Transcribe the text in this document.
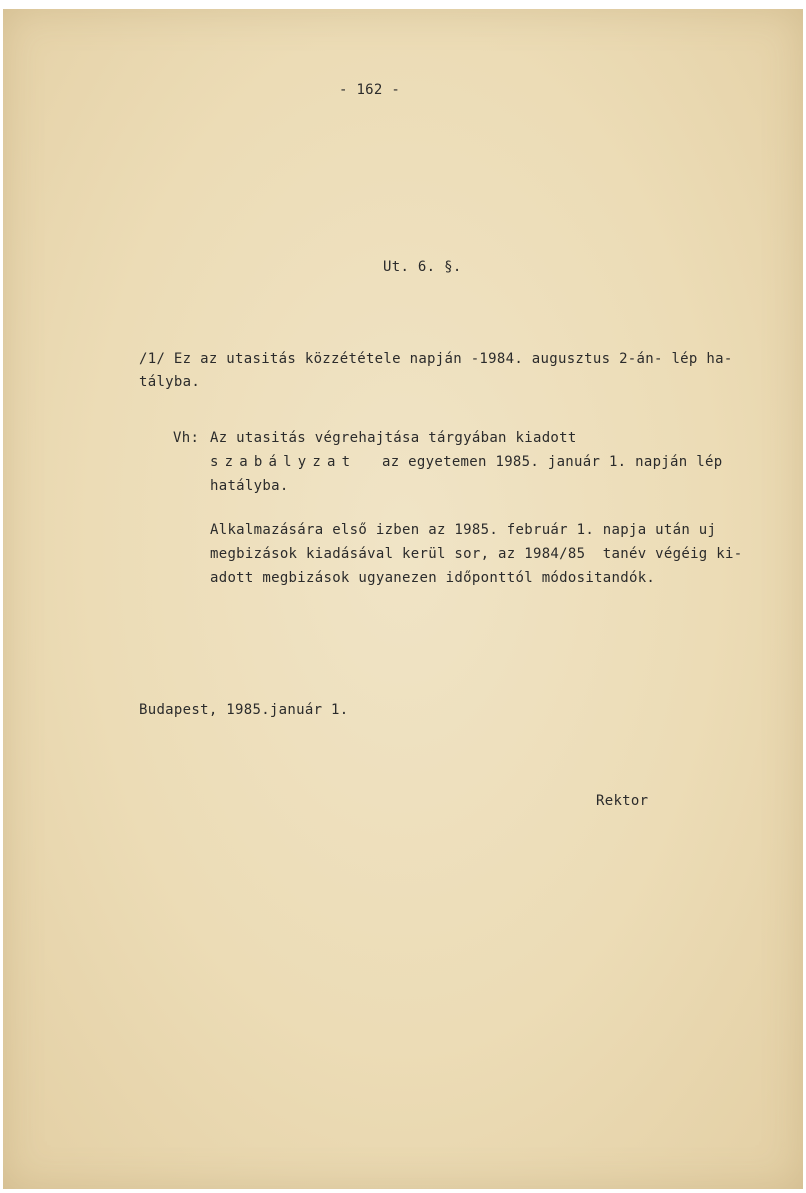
- 162 -
Ut. 6. §.
/1/ Ez az utasitás közzététele napján -1984. augusztus 2-án- lép ha-
tályba.
Vh: Az utasitás végrehajtása tárgyában kiadott
szabályzat az egyetemen 1985. január 1. napján lép
hatályba.
Alkalmazására első izben az 1985. február 1. napja után uj
megbizások kiadásával kerül sor, az 1984/85  tanév végéig ki-
adott megbizások ugyanezen időponttól módositandók.
Budapest, 1985.január 1.
Rektor
